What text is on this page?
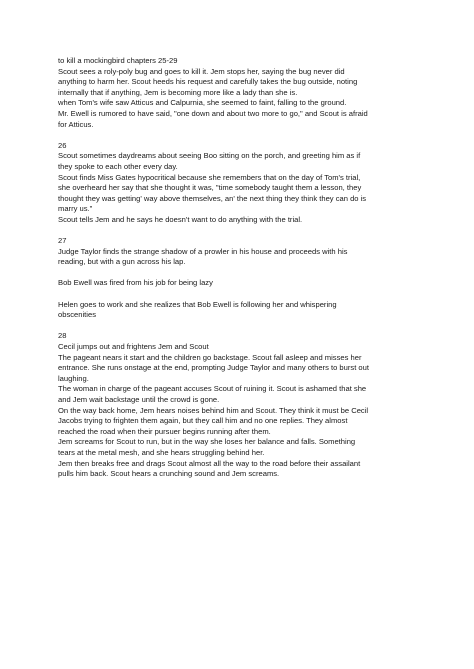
to kill a mockingbird chapters 25-29

Scout sees a roly-poly bug and goes to kill it. Jem stops her, saying the bug never did
anything to harm her. Scout heeds his request and carefully takes the bug outside, noting
internally that if anything, Jem is becoming more like a lady than she is.

when Tom's wife saw Atticus and Calpurnia, she seemed to faint, falling to the ground.

Mr. Ewell is rumored to have said, "one down and about two more to go," and Scout is afraid
for Atticus.

26

Scout sometimes daydreams about seeing Boo sitting on the porch, and greeting him as if
they spoke to each other every day.

Scout finds Miss Gates hypocritical because she remembers that on the day of Tom's trial,
she overheard her say that she thought it was, "time somebody taught them a lesson, they
thought they was getting' way above themselves, an' the next thing they think they can do is
marry us."

Scout tells Jem and he says he doesn't want to do anything with the trial.

27

Judge Taylor finds the strange shadow of a prowler in his house and proceeds with his
reading, but with a gun across his lap.

Bob Ewell was fired from his job for being lazy

Helen goes to work and she realizes that Bob Ewell is following her and whispering
obscenities

28

Cecil jumps out and frightens Jem and Scout

The pageant nears it start and the children go backstage. Scout fall asleep and misses her
entrance. She runs onstage at the end, prompting Judge Taylor and many others to burst out
laughing.

The woman in charge of the pageant accuses Scout of ruining it. Scout is ashamed that she
and Jem wait backstage until the crowd is gone.

On the way back home, Jem hears noises behind him and Scout. They think it must be Cecil
Jacobs trying to frighten them again, but they call him and no one replies. They almost
reached the road when their pursuer begins running after them.

Jem screams for Scout to run, but in the way she loses her balance and falls. Something
tears at the metal mesh, and she hears struggling behind her.

Jem then breaks free and drags Scout almost all the way to the road before their assailant
pulls him back. Scout hears a crunching sound and Jem screams.
